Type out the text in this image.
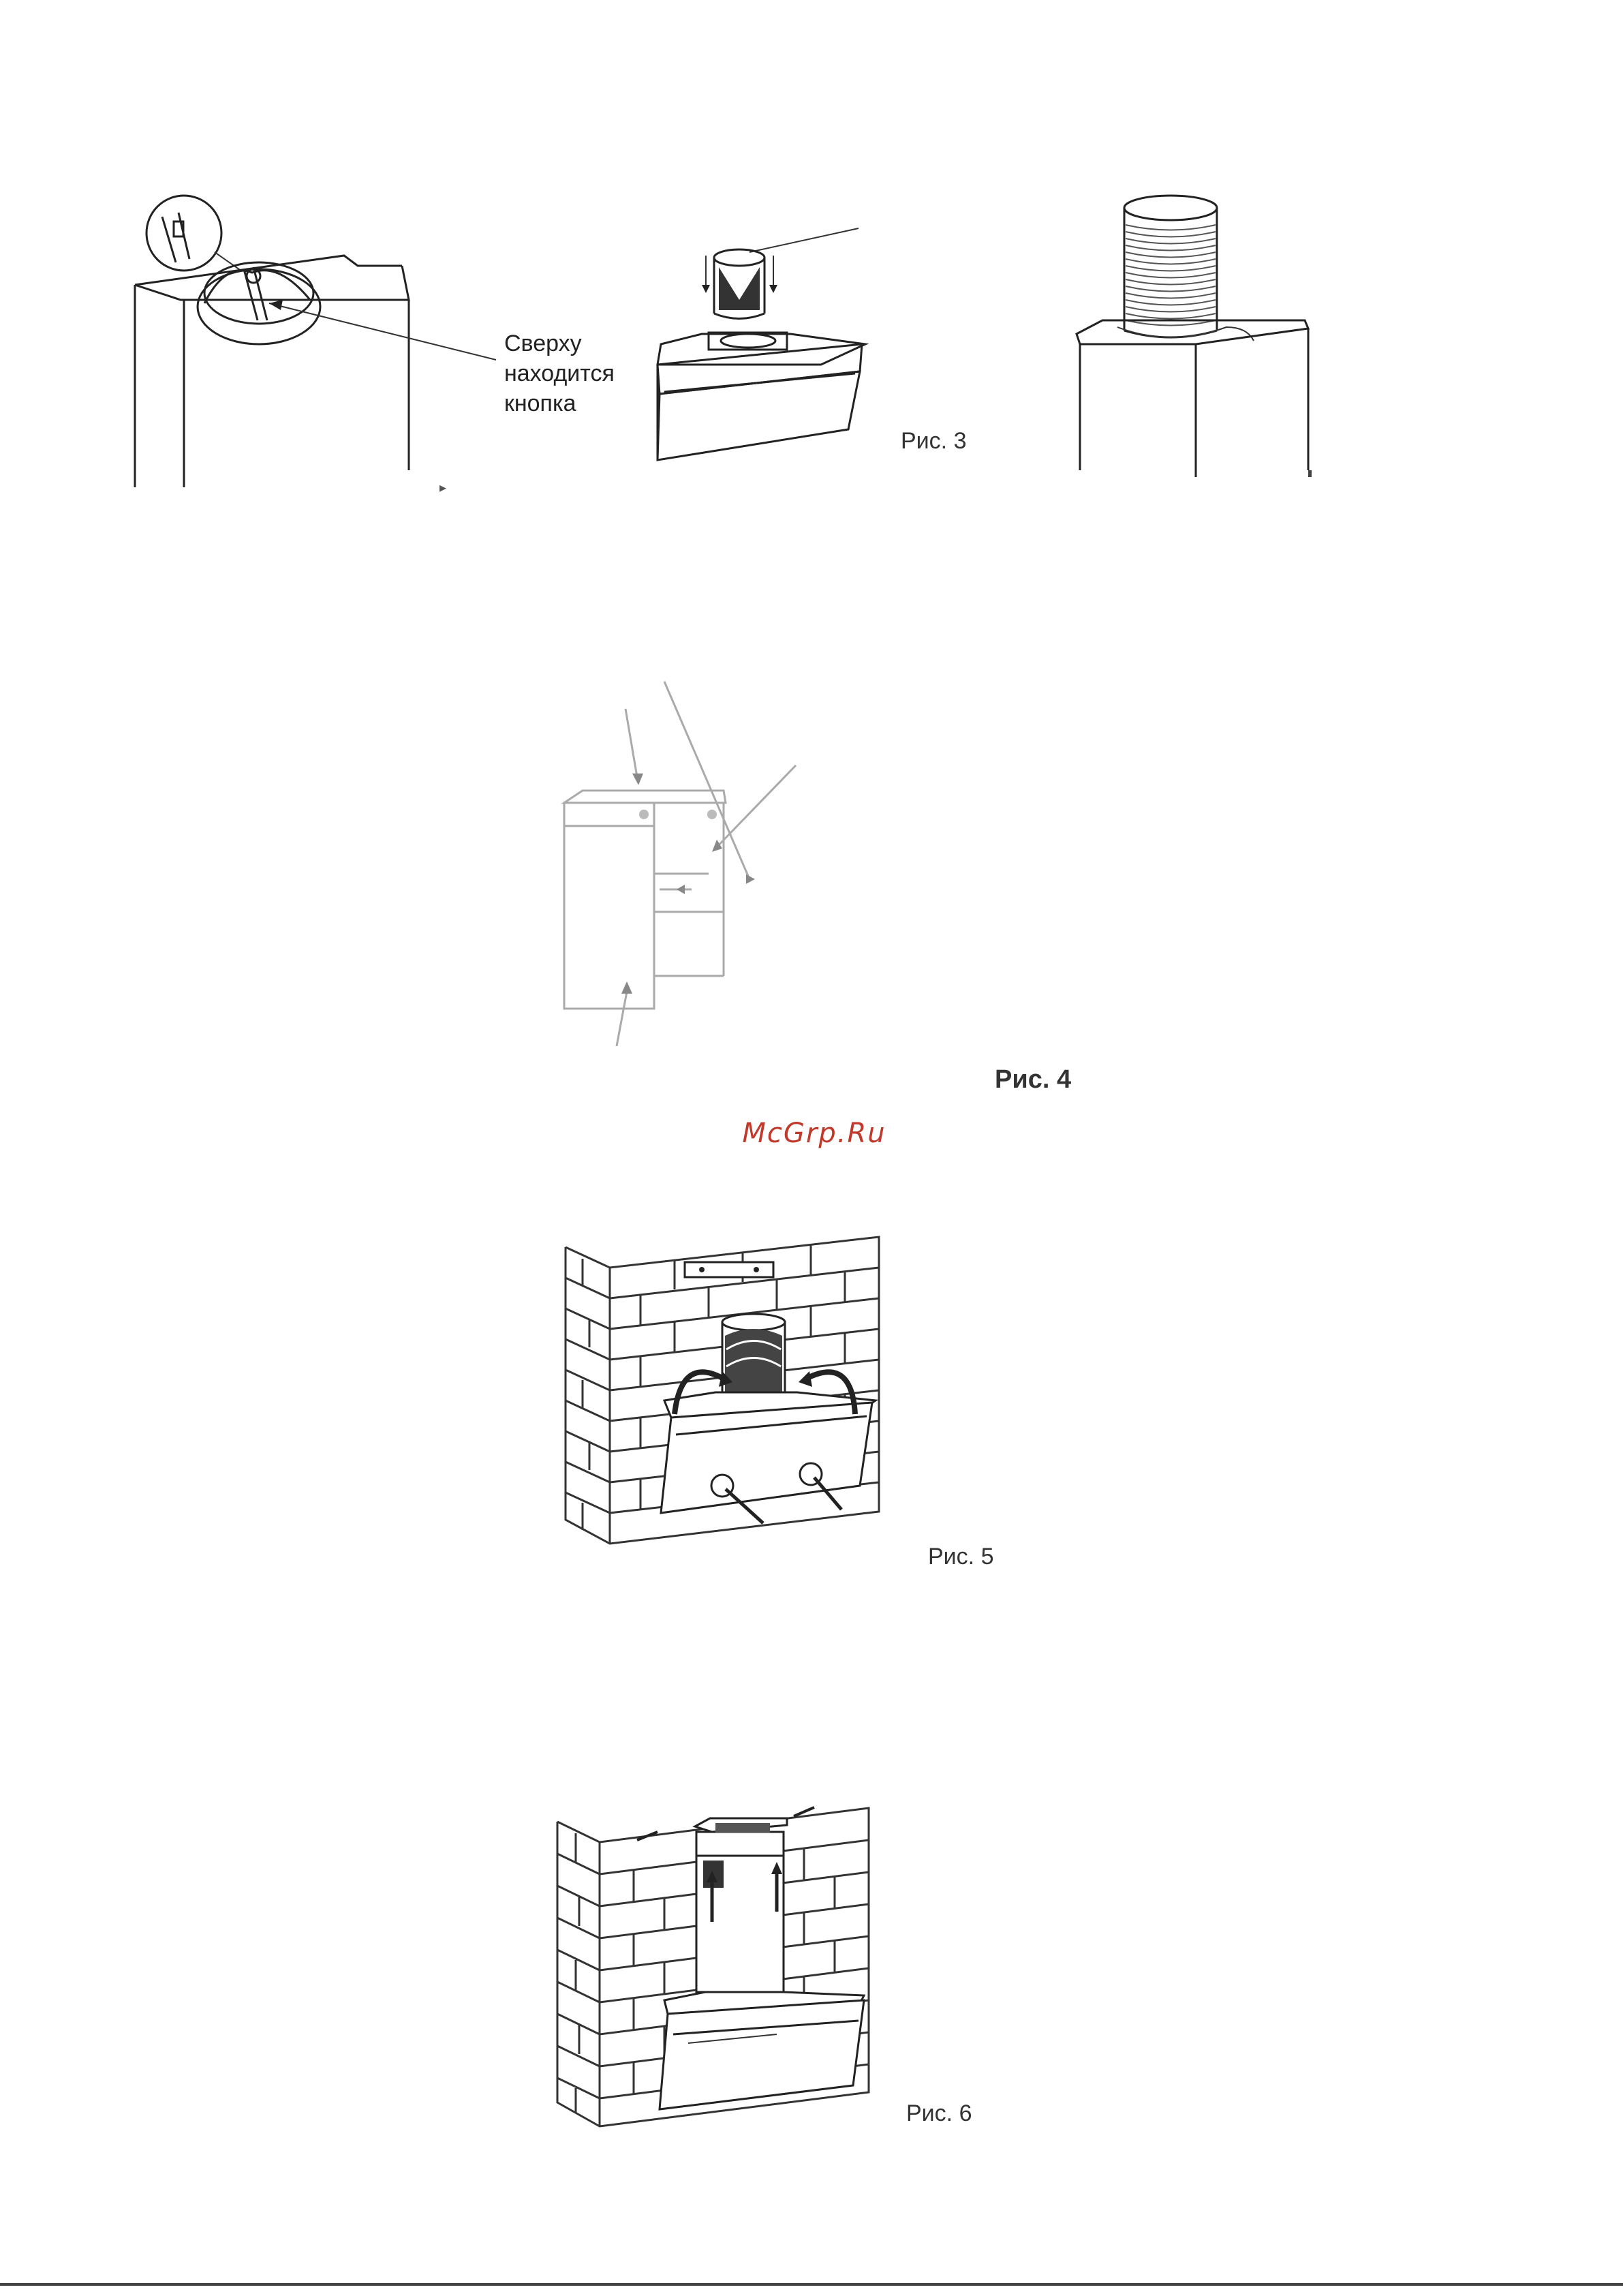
▸
Сверху
находится
кнопка
Рис. 3
Рис. 4
McGrp.Ru
Рис. 5
Рис. 6
